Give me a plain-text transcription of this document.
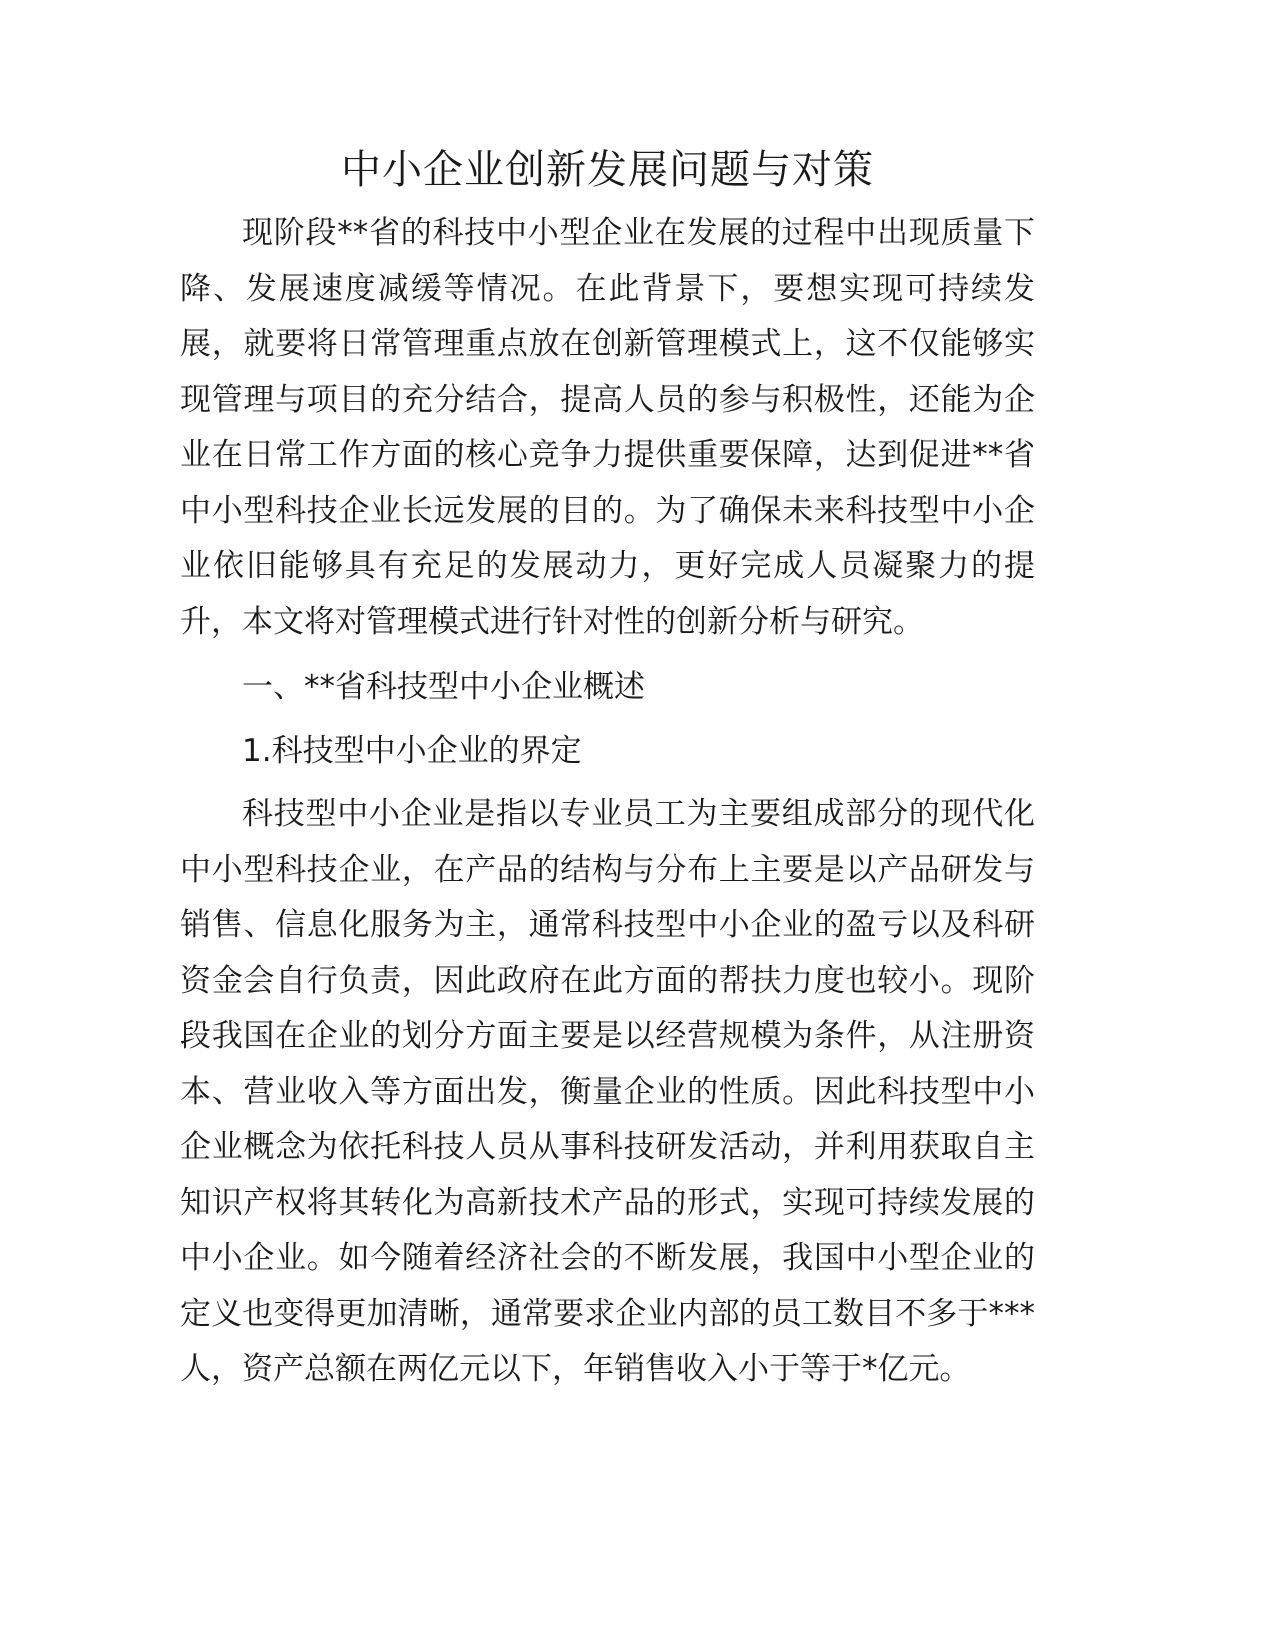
中小企业创新发展问题与对策

现阶段**省的科技中小型企业在发展的过程中出现质量下降、发展速度减缓等情况。在此背景下，要想实现可持续发展，就要将日常管理重点放在创新管理模式上，这不仅能够实现管理与项目的充分结合，提高人员的参与积极性，还能为企业在日常工作方面的核心竞争力提供重要保障，达到促进**省中小型科技企业长远发展的目的。为了确保未来科技型中小企业依旧能够具有充足的发展动力，更好完成人员凝聚力的提升，本文将对管理模式进行针对性的创新分析与研究。

一、**省科技型中小企业概述

1.科技型中小企业的界定

科技型中小企业是指以专业员工为主要组成部分的现代化中小型科技企业，在产品的结构与分布上主要是以产品研发与销售、信息化服务为主，通常科技型中小企业的盈亏以及科研资金会自行负责，因此政府在此方面的帮扶力度也较小。现阶段我国在企业的划分方面主要是以经营规模为条件，从注册资本、营业收入等方面出发，衡量企业的性质。因此科技型中小企业概念为依托科技人员从事科技研发活动，并利用获取自主知识产权将其转化为高新技术产品的形式，实现可持续发展的中小企业。如今随着经济社会的不断发展，我国中小型企业的定义也变得更加清晰，通常要求企业内部的员工数目不多于***人，资产总额在两亿元以下，年销售收入小于等于*亿元。
